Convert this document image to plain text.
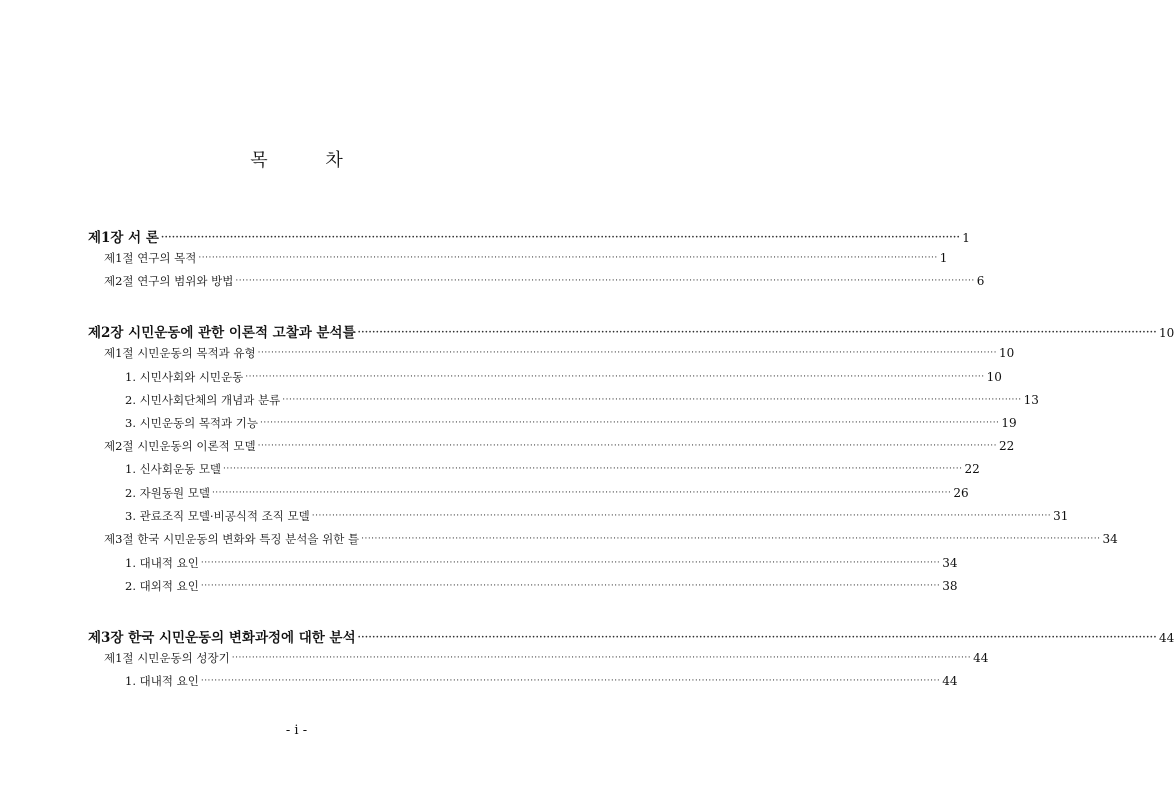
목 차
제1장 서 론 ···························································································································································································································· 1
제1절 연구의 목적 ···························································································································································································································· 1
제2절 연구의 범위와 방법 ···························································································································································································································· 6
제2장 시민운동에 관한 이론적 고찰과 분석틀 ···························································································································································································································· 10
제1절 시민운동의 목적과 유형 ···························································································································································································································· 10
1. 시민사회와 시민운동 ···························································································································································································································· 10
2. 시민사회단체의 개념과 분류 ···························································································································································································································· 13
3. 시민운동의 목적과 기능 ···························································································································································································································· 19
제2절 시민운동의 이론적 모델 ···························································································································································································································· 22
1. 신사회운동 모델 ···························································································································································································································· 22
2. 자원동원 모델 ···························································································································································································································· 26
3. 관료조직 모델·비공식적 조직 모델 ···························································································································································································································· 31
제3절 한국 시민운동의 변화와 특징 분석을 위한 틀 ···························································································································································································································· 34
1. 대내적 요인 ···························································································································································································································· 34
2. 대외적 요인 ···························································································································································································································· 38
제3장 한국 시민운동의 변화과정에 대한 분석 ···························································································································································································································· 44
제1절 시민운동의 성장기 ···························································································································································································································· 44
1. 대내적 요인 ···························································································································································································································· 44
- i -
